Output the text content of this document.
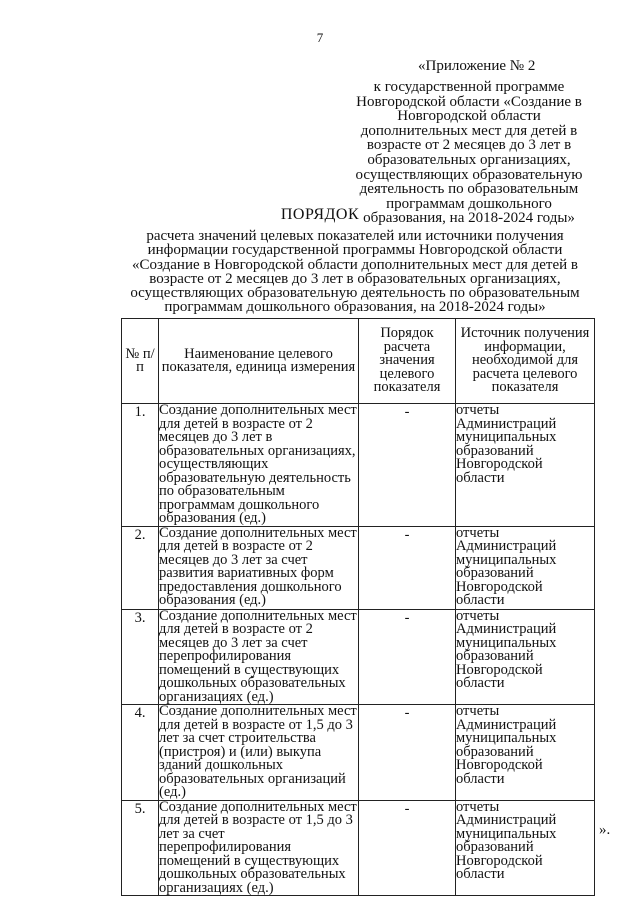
7
«Приложение № 2
к государственной программе Новгородской области «Создание в Новгородской области дополнительных мест для детей в возрасте от 2 месяцев до 3 лет в образовательных организациях, осуществляющих образовательную деятельность по образовательным программам дошкольного образования, на 2018-2024 годы»
ПОРЯДОК
расчета значений целевых показателей или источники получения информации государственной программы Новгородской области «Создание в Новгородской области дополнительных мест для детей в возрасте от 2 месяцев до 3 лет в образовательных организациях, осуществляющих образовательную деятельность по образовательным программам дошкольного образования, на 2018-2024 годы»
№ п/п	Наименование целевого показателя, единица измерения	Порядок расчета значения целевого показателя	Источник получения информации, необходимой для расчета целевого показателя
1.	Создание дополнительных мест для детей в возрасте от 2 месяцев до 3 лет в образовательных организациях, осуществляющих образовательную деятельность по образовательным программам дошкольного образования (ед.)	-	отчеты Администраций муниципальных образований Новгородской области
2.	Создание дополнительных мест для детей в возрасте от 2 месяцев до 3 лет за счет развития вариативных форм предоставления дошкольного образования (ед.)	-	отчеты Администраций муниципальных образований Новгородской области
3.	Создание дополнительных мест для детей в возрасте от 2 месяцев до 3 лет за счет перепрофилирования помещений в существующих дошкольных образовательных организациях (ед.)	-	отчеты Администраций муниципальных образований Новгородской области
4.	Создание дополнительных мест для детей в возрасте от 1,5 до 3 лет за счет строительства (пристроя) и (или) выкупа зданий дошкольных образовательных организаций (ед.)	-	отчеты Администраций муниципальных образований Новгородской области
5.	Создание дополнительных мест для детей в возрасте от 1,5 до 3 лет за счет перепрофилирования помещений в существующих дошкольных образовательных организациях (ед.)	-	отчеты Администраций муниципальных образований Новгородской области
».
